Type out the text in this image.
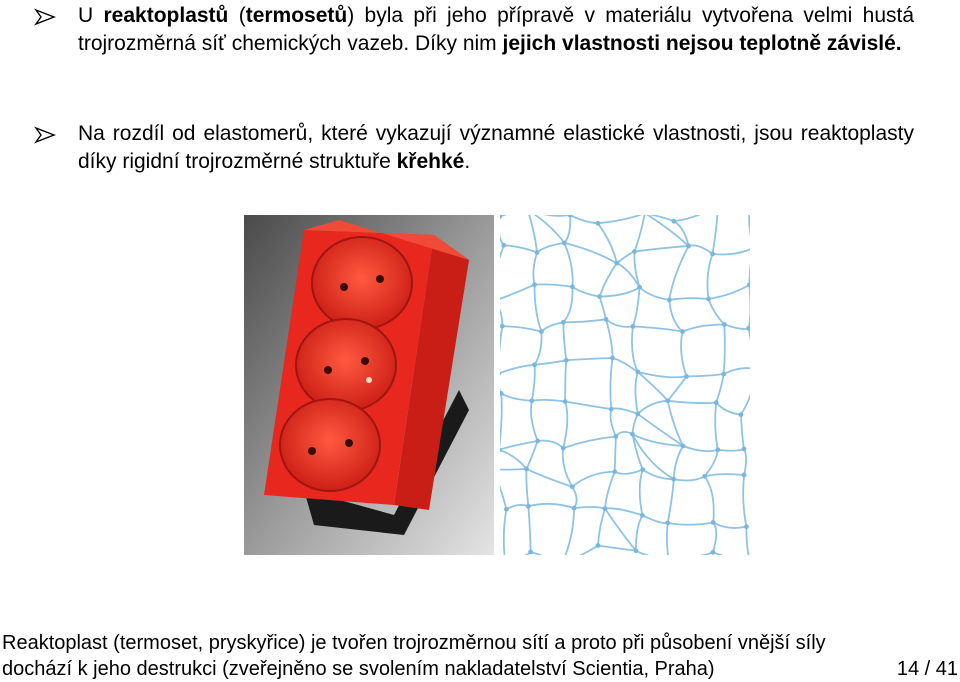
U reaktoplastů (termosetů) byla při jeho přípravě v materiálu vytvořena velmi hustá trojrozměrná síť chemických vazeb. Díky nim jejich vlastnosti nejsou teplotně závislé.
Na rozdíl od elastomerů, které vykazují významné elastické vlastnosti, jsou reaktoplasty díky rigidní trojrozměrné struktuře křehké.
Reaktoplast (termoset, pryskyřice) je tvořen trojrozměrnou sítí a proto při působení vnější síly
dochází k jeho destrukci (zveřejněno se svolením nakladatelství Scientia, Praha)	14 / 41
